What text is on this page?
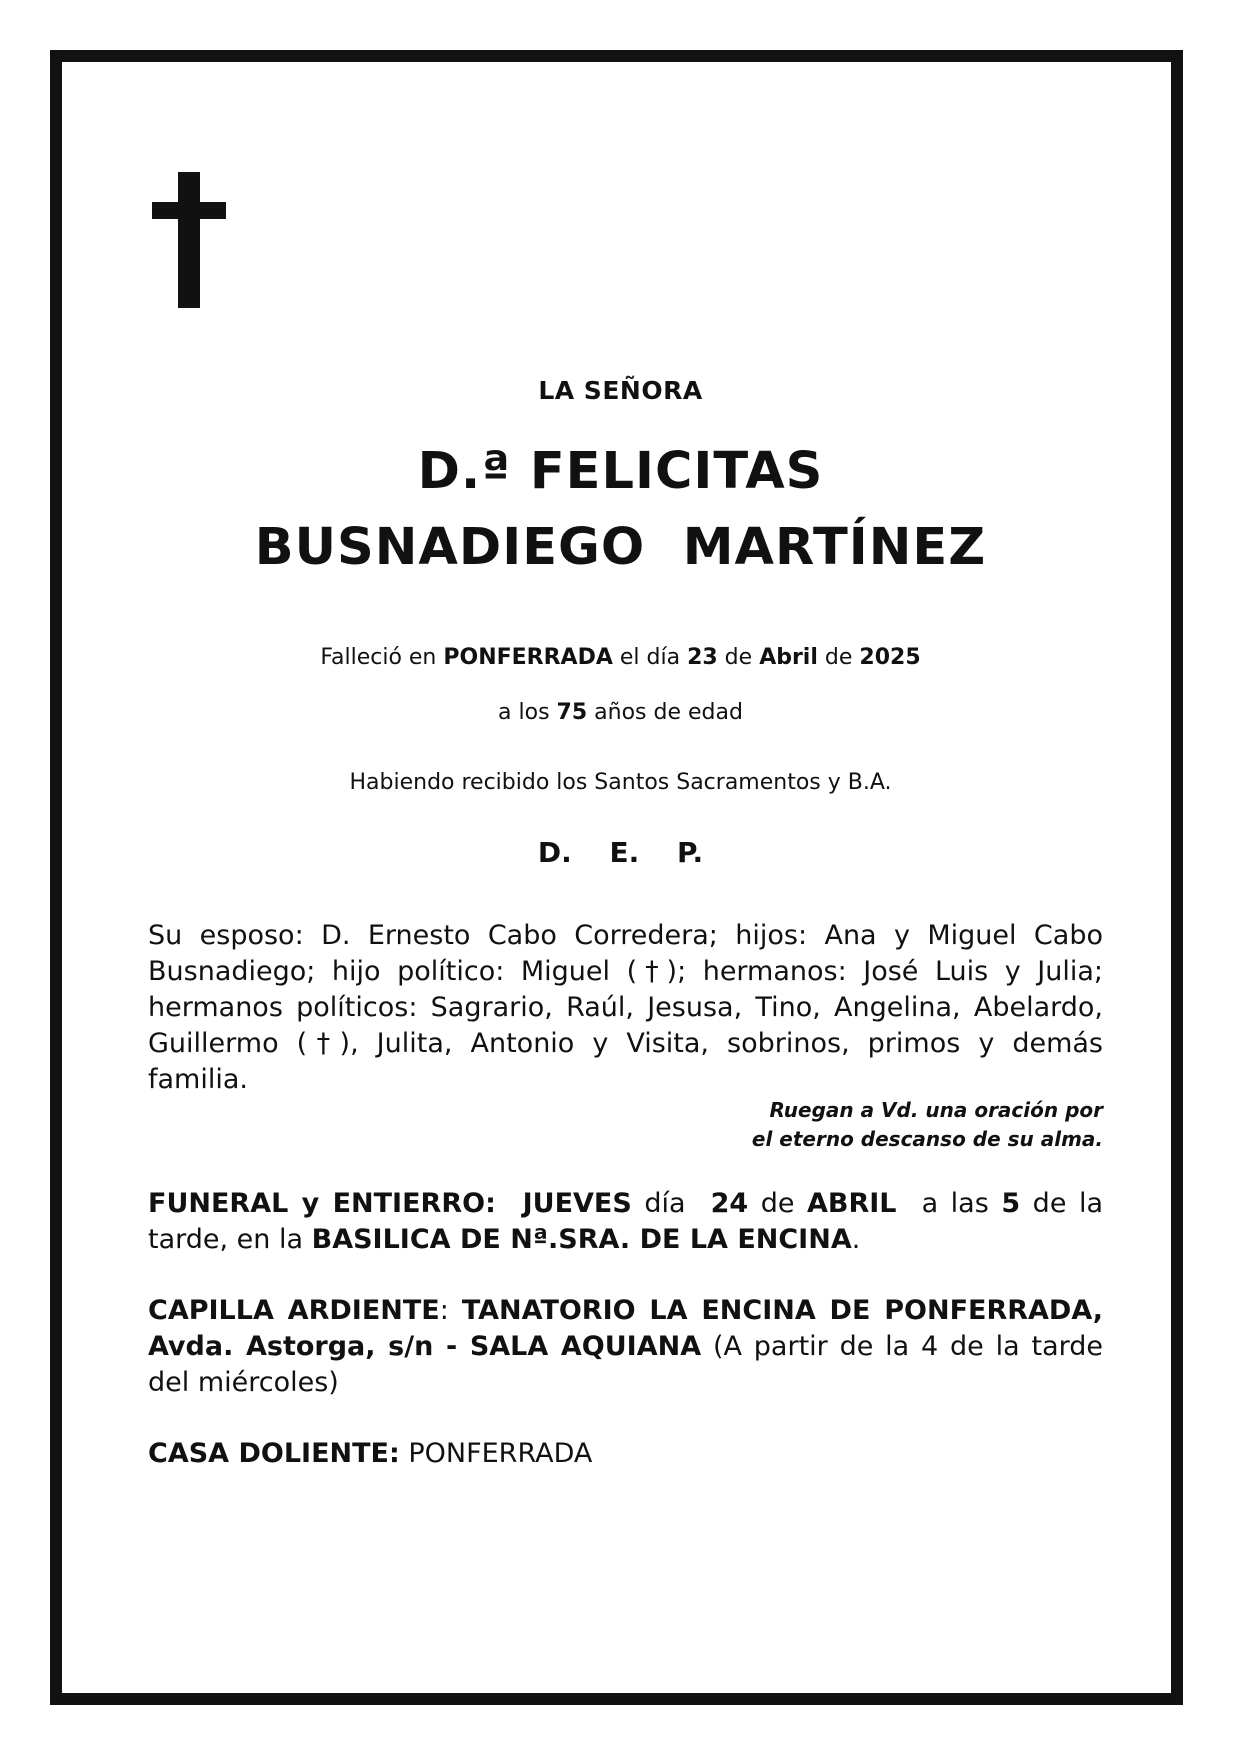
LA SEÑORA
D.ª FELICITAS
BUSNADIEGO  MARTÍNEZ
Falleció en PONFERRADA el día 23 de Abril de 2025
a los 75 años de edad
Habiendo recibido los Santos Sacramentos y B.A.
D. E. P.
Su esposo: D. Ernesto Cabo Corredera; hijos: Ana y Miguel Cabo Busnadiego; hijo político: Miguel (†); hermanos: José Luis y Julia; hermanos políticos: Sagrario, Raúl, Jesusa, Tino, Angelina, Abelardo, Guillermo (†), Julita, Antonio y Visita, sobrinos, primos y demás familia.
Ruegan a Vd. una oración por
el eterno descanso de su alma.
FUNERAL y ENTIERRO:  JUEVES día  24 de ABRIL  a las 5 de la tarde, en la BASILICA DE Nª.SRA. DE LA ENCINA.
CAPILLA ARDIENTE: TANATORIO LA ENCINA DE PONFERRADA, Avda. Astorga, s/n - SALA AQUIANA (A partir de la 4 de la tarde del miércoles)
CASA DOLIENTE: PONFERRADA
